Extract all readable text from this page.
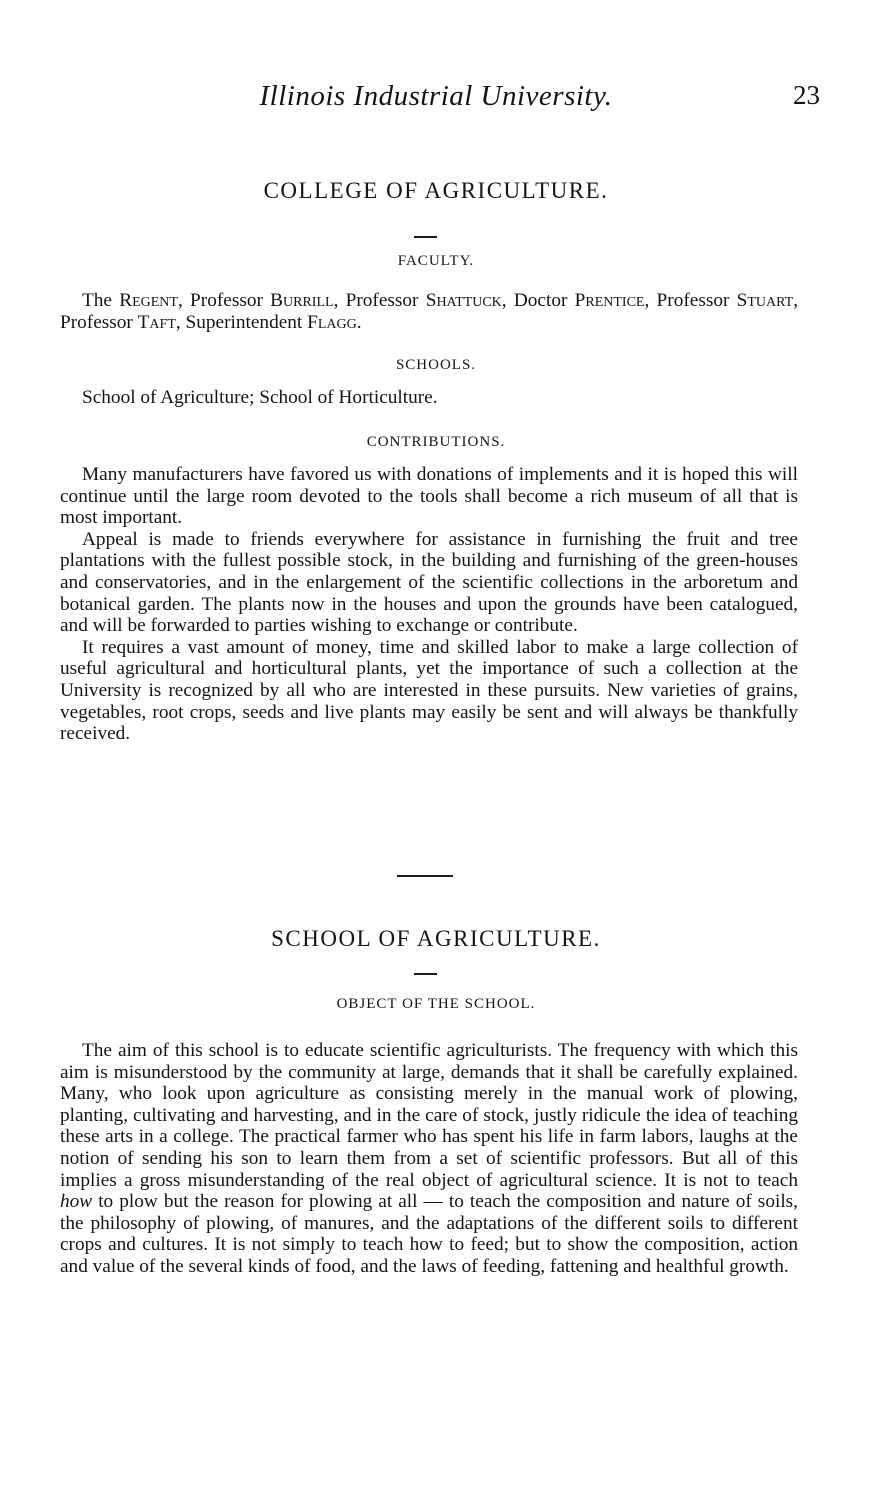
Illinois Industrial University.	23
COLLEGE OF AGRICULTURE.
FACULTY.

The Regent, Professor Burrill, Professor Shattuck, Doctor Prentice, Professor Stuart, Professor Taft, Superintendent Flagg.

SCHOOLS.

School of Agriculture; School of Horticulture.

CONTRIBUTIONS.

Many manufacturers have favored us with donations of implements and it is hoped this will continue until the large room devoted to the tools shall become a rich museum of all that is most important.

Appeal is made to friends everywhere for assistance in furnishing the fruit and tree plantations with the fullest possible stock, in the building and furnishing of the green-houses and conservatories, and in the enlargement of the scientific collections in the arboretum and botanical garden. The plants now in the houses and upon the grounds have been catalogued, and will be forwarded to parties wishing to exchange or contribute.

It requires a vast amount of money, time and skilled labor to make a large collection of useful agricultural and horticultural plants, yet the importance of such a collection at the University is recognized by all who are interested in these pursuits. New varieties of grains, vegetables, root crops, seeds and live plants may easily be sent and will always be thankfully received.

SCHOOL OF AGRICULTURE.
OBJECT OF THE SCHOOL.

The aim of this school is to educate scientific agriculturists. The frequency with which this aim is misunderstood by the community at large, demands that it shall be carefully explained. Many, who look upon agriculture as consisting merely in the manual work of plowing, planting, cultivating and harvesting, and in the care of stock, justly ridicule the idea of teaching these arts in a college. The practical farmer who has spent his life in farm labors, laughs at the notion of sending his son to learn them from a set of scientific professors. But all of this implies a gross misunderstanding of the real object of agricultural science. It is not to teach how to plow but the reason for plowing at all — to teach the composition and nature of soils, the philosophy of plowing, of manures, and the adaptations of the different soils to different crops and cultures. It is not simply to teach how to feed; but to show the composition, action and value of the several kinds of food, and the laws of feeding, fattening and healthful growth.
